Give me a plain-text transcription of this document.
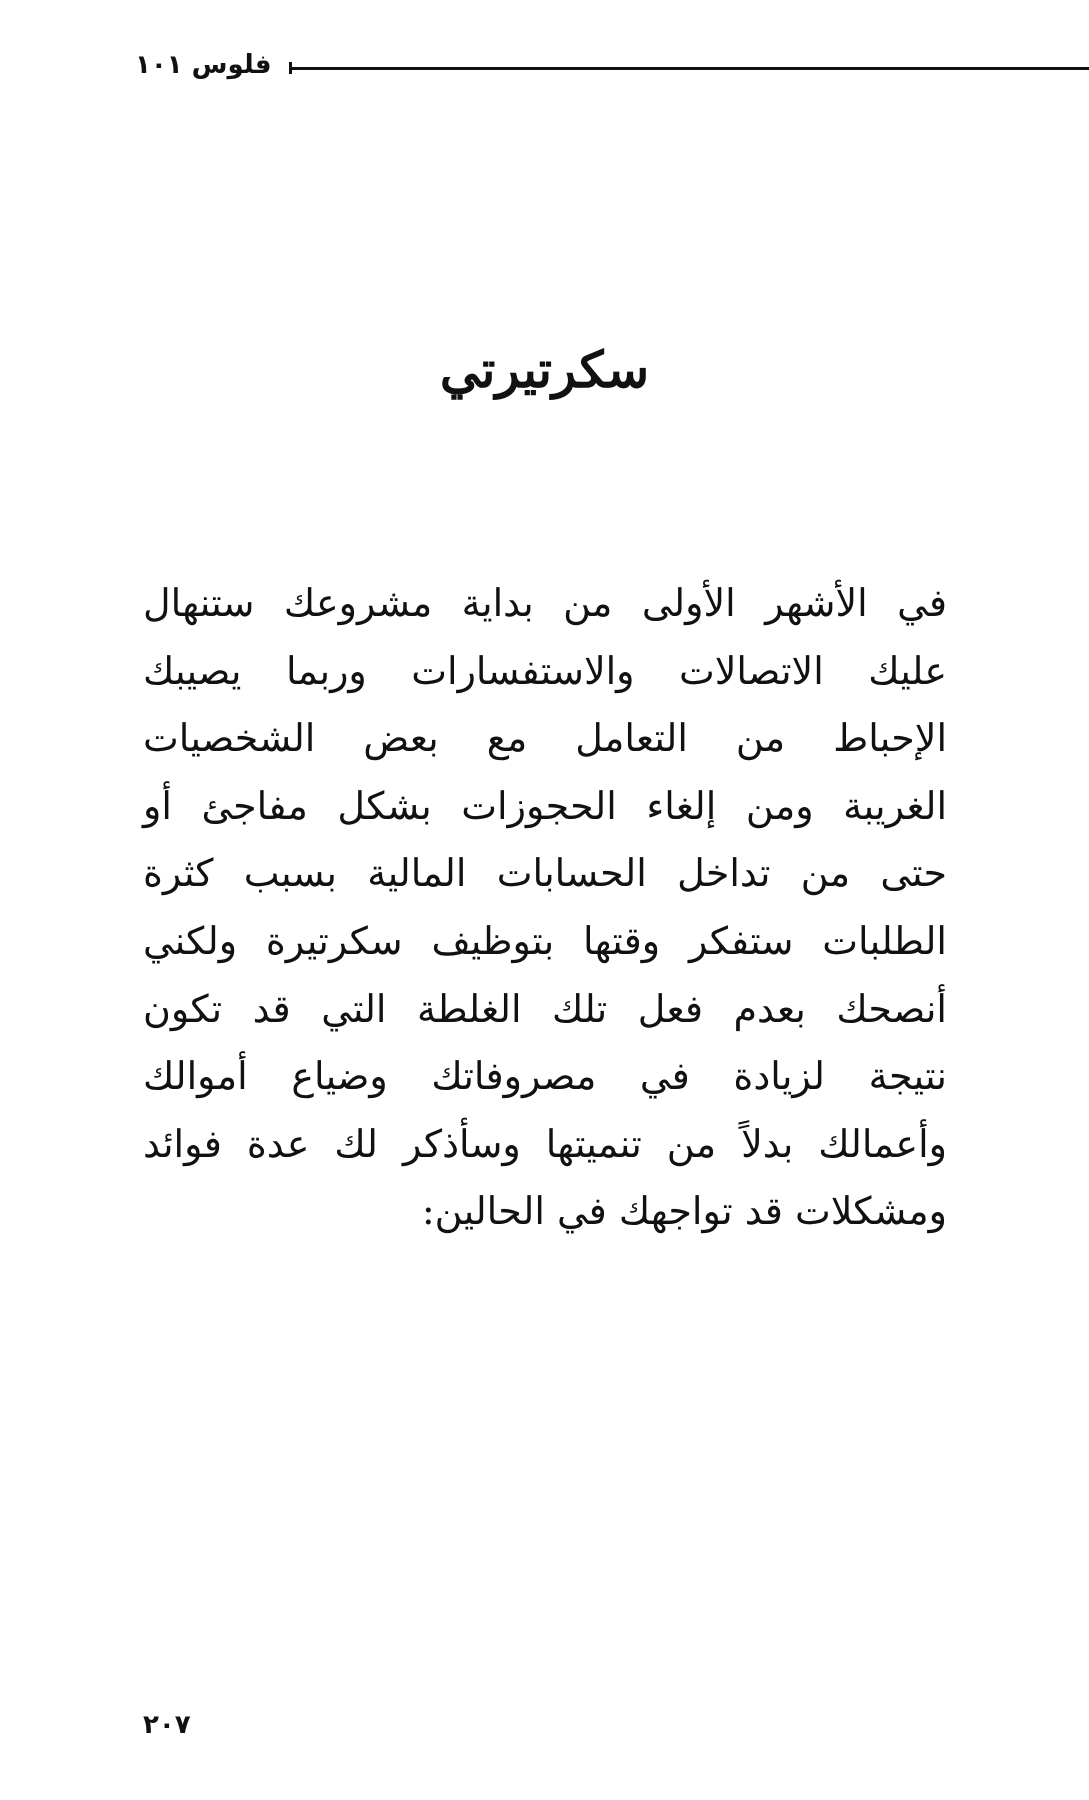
فلوس ١٠١
سكرتيرتي
في الأشهر الأولى من بداية مشروعك ستنهال
عليك الاتصالات والاستفسارات وربما يصيبك
الإحباط من التعامل مع بعض الشخصيات
الغريبة ومن إلغاء الحجوزات بشكل مفاجئ أو
حتى من تداخل الحسابات المالية بسبب كثرة
الطلبات ستفكر وقتها بتوظيف سكرتيرة ولكني
أنصحك بعدم فعل تلك الغلطة التي قد تكون
نتيجة لزيادة في مصروفاتك وضياع أموالك
وأعمالك بدلاً من تنميتها وسأذكر لك عدة فوائد
ومشكلات قد تواجهك في الحالين:
٢٠٧
